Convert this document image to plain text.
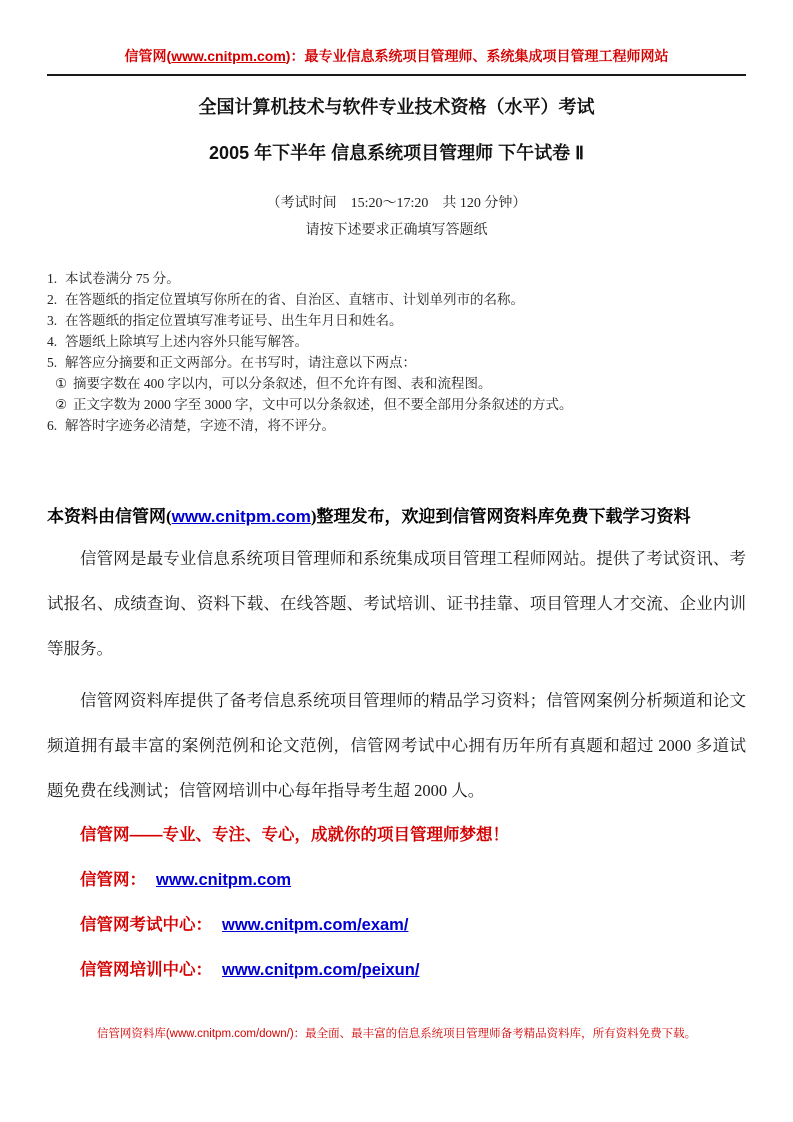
信管网(www.cnitpm.com)：最专业信息系统项目管理师、系统集成项目管理工程师网站

全国计算机技术与软件专业技术资格（水平）考试

2005 年下半年 信息系统项目管理师 下午试卷 Ⅱ

（考试时间　15:20～17:20　共 120 分钟）

请按下述要求正确填写答题纸

1. 本试卷满分 75 分。
2. 在答题纸的指定位置填写你所在的省、自治区、直辖市、计划单列市的名称。
3. 在答题纸的指定位置填写准考证号、出生年月日和姓名。
4. 答题纸上除填写上述内容外只能写解答。
5. 解答应分摘要和正文两部分。在书写时，请注意以下两点：
① 摘要字数在 400 字以内，可以分条叙述，但不允许有图、表和流程图。
② 正文字数为 2000 字至 3000 字，文中可以分条叙述，但不要全部用分条叙述的方式。
6. 解答时字迹务必清楚，字迹不清，将不评分。

本资料由信管网(www.cnitpm.com)整理发布，欢迎到信管网资料库免费下载学习资料

信管网是最专业信息系统项目管理师和系统集成项目管理工程师网站。提供了考试资讯、考试报名、成绩查询、资料下载、在线答题、考试培训、证书挂靠、项目管理人才交流、企业内训等服务。

信管网资料库提供了备考信息系统项目管理师的精品学习资料；信管网案例分析频道和论文频道拥有最丰富的案例范例和论文范例，信管网考试中心拥有历年所有真题和超过 2000 多道试题免费在线测试；信管网培训中心每年指导考生超 2000 人。

信管网——专业、专注、专心，成就你的项目管理师梦想！

信管网： www.cnitpm.com

信管网考试中心： www.cnitpm.com/exam/

信管网培训中心： www.cnitpm.com/peixun/

信管网资料库(www.cnitpm.com/down/)：最全面、最丰富的信息系统项目管理师备考精品资料库，所有资料免费下载。
